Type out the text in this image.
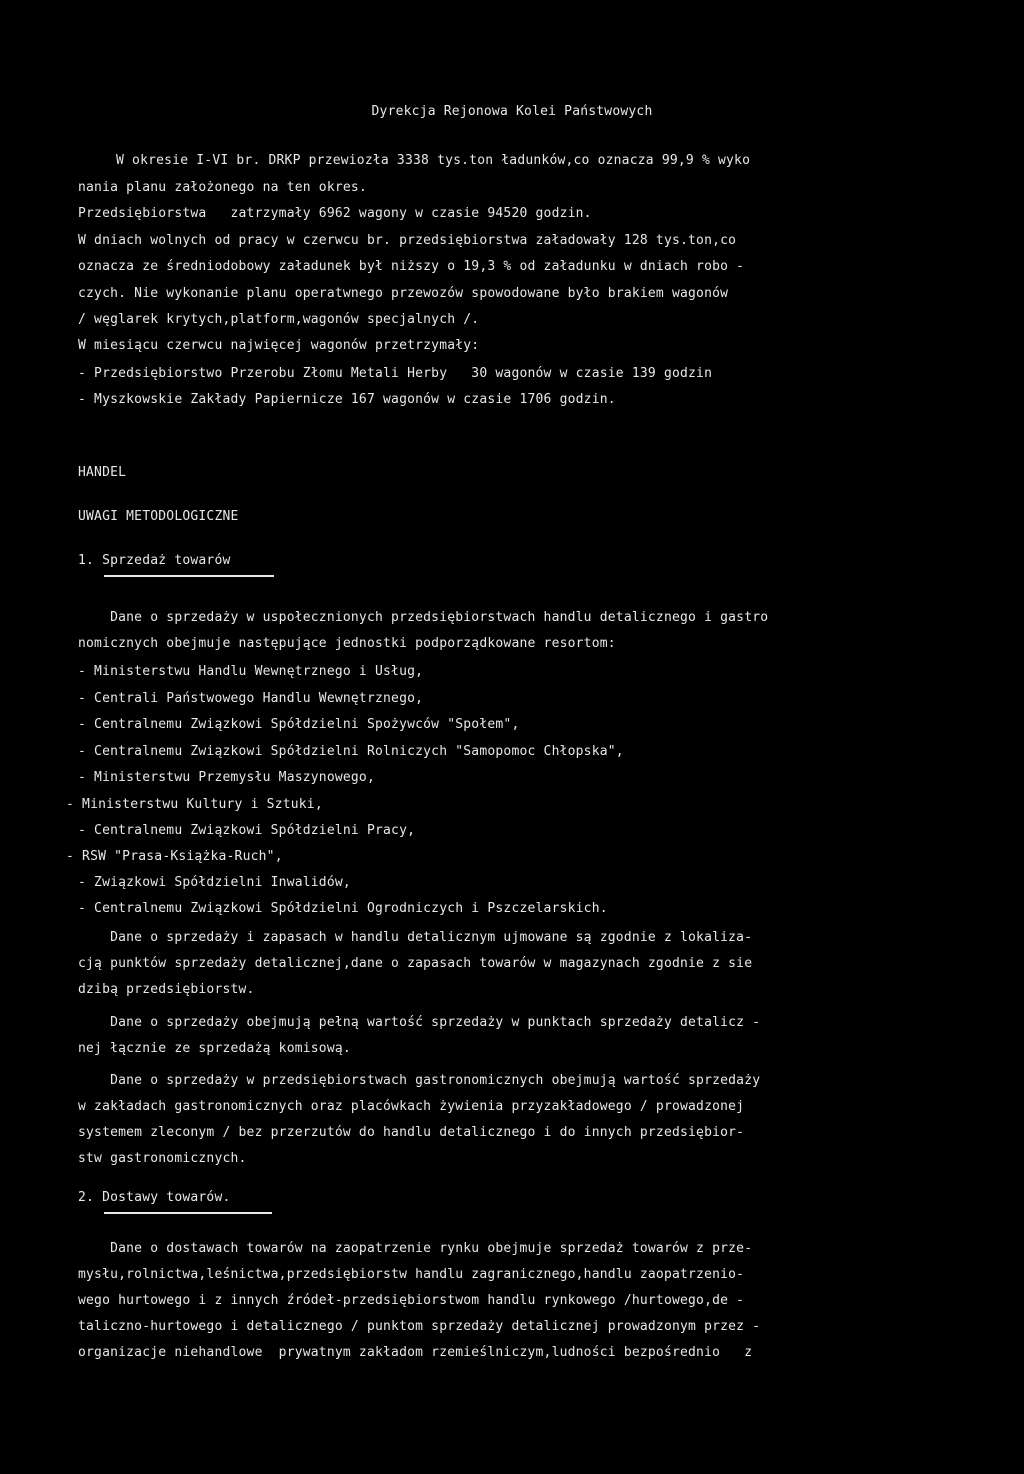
Dyrekcja Rejonowa Kolei Państwowych
W okresie I-VI br. DRKP przewiozła 3338 tys.ton ładunków,co oznacza 99,9 % wyko
nania planu założonego na ten okres.
Przedsiębiorstwa   zatrzymały 6962 wagony w czasie 94520 godzin.
W dniach wolnych od pracy w czerwcu br. przedsiębiorstwa załadowały 128 tys.ton,co
oznacza ze średniodobowy załadunek był niższy o 19,3 % od załadunku w dniach robo -
czych. Nie wykonanie planu operatwnego przewozów spowodowane było brakiem wagonów
/ węglarek krytych,platform,wagonów specjalnych /.
W miesiącu czerwcu najwięcej wagonów przetrzymały:
- Przedsiębiorstwo Przerobu Złomu Metali Herby   30 wagonów w czasie 139 godzin
- Myszkowskie Zakłady Papiernicze 167 wagonów w czasie 1706 godzin.
HANDEL
UWAGI METODOLOGICZNE
1. Sprzedaż towarów
Dane o sprzedaży w uspołecznionych przedsiębiorstwach handlu detalicznego i gastro
nomicznych obejmuje następujące jednostki podporządkowane resortom:
- Ministerstwu Handlu Wewnętrznego i Usług,
- Centrali Państwowego Handlu Wewnętrznego,
- Centralnemu Związkowi Spółdzielni Spożywców "Społem",
- Centralnemu Związkowi Spółdzielni Rolniczych "Samopomoc Chłopska",
- Ministerstwu Przemysłu Maszynowego,
- Ministerstwu Kultury i Sztuki,
- Centralnemu Związkowi Spółdzielni Pracy,
- RSW "Prasa-Książka-Ruch",
- Związkowi Spółdzielni Inwalidów,
- Centralnemu Związkowi Spółdzielni Ogrodniczych i Pszczelarskich.
Dane o sprzedaży i zapasach w handlu detalicznym ujmowane są zgodnie z lokaliza-
cją punktów sprzedaży detalicznej,dane o zapasach towarów w magazynach zgodnie z sie
dzibą przedsiębiorstw.
Dane o sprzedaży obejmują pełną wartość sprzedaży w punktach sprzedaży detalicz -
nej łącznie ze sprzedażą komisową.
Dane o sprzedaży w przedsiębiorstwach gastronomicznych obejmują wartość sprzedaży
w zakładach gastronomicznych oraz placówkach żywienia przyzakładowego / prowadzonej
systemem zleconym / bez przerzutów do handlu detalicznego i do innych przedsiębior-
stw gastronomicznych.
2. Dostawy towarów.
Dane o dostawach towarów na zaopatrzenie rynku obejmuje sprzedaż towarów z prze-
mysłu,rolnictwa,leśnictwa,przedsiębiorstw handlu zagranicznego,handlu zaopatrzenio-
wego hurtowego i z innych źródeł-przedsiębiorstwom handlu rynkowego /hurtowego,de -
taliczno-hurtowego i detalicznego / punktom sprzedaży detalicznej prowadzonym przez -
organizacje niehandlowe  prywatnym zakładom rzemieślniczym,ludności bezpośrednio   z
